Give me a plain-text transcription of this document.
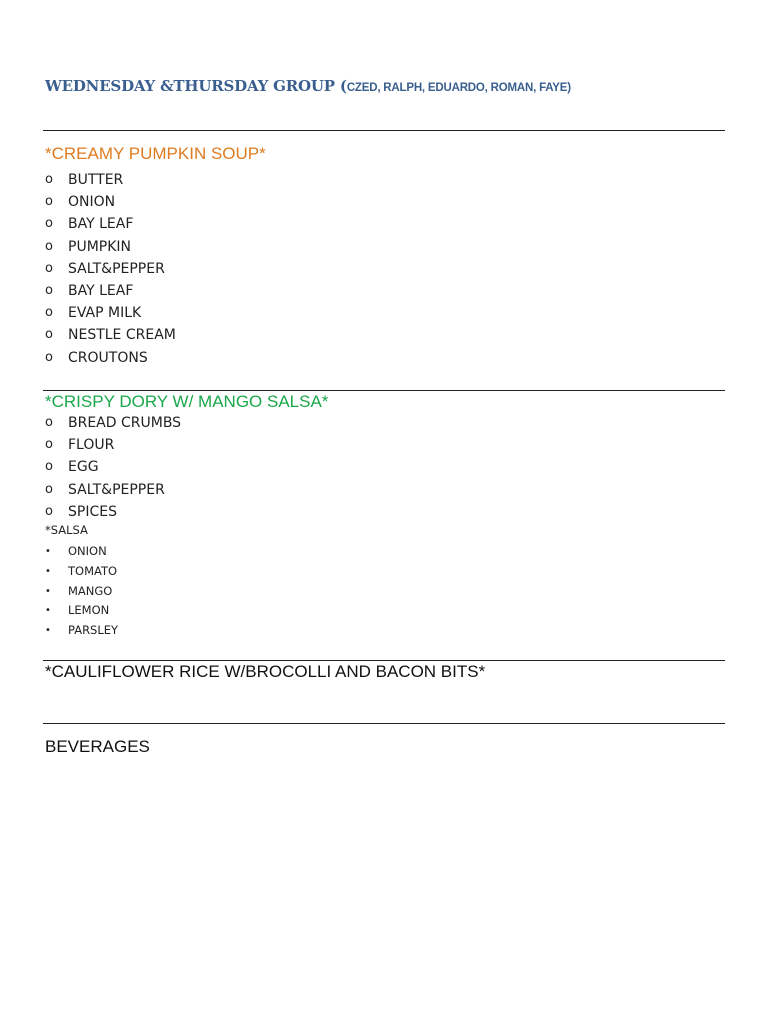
WEDNESDAY &THURSDAY GROUP (CZED, RALPH, EDUARDO, ROMAN, FAYE)
*CREAMY PUMPKIN SOUP*
o BUTTER
o ONION
o BAY LEAF
o PUMPKIN
o SALT&PEPPER
o BAY LEAF
o EVAP MILK
o NESTLE CREAM
o CROUTONS
*CRISPY DORY W/ MANGO SALSA*
o BREAD CRUMBS
o FLOUR
o EGG
o SALT&PEPPER
o SPICES
*SALSA
• ONION
• TOMATO
• MANGO
• LEMON
• PARSLEY
*CAULIFLOWER RICE W/BROCOLLI AND BACON BITS*
BEVERAGES
